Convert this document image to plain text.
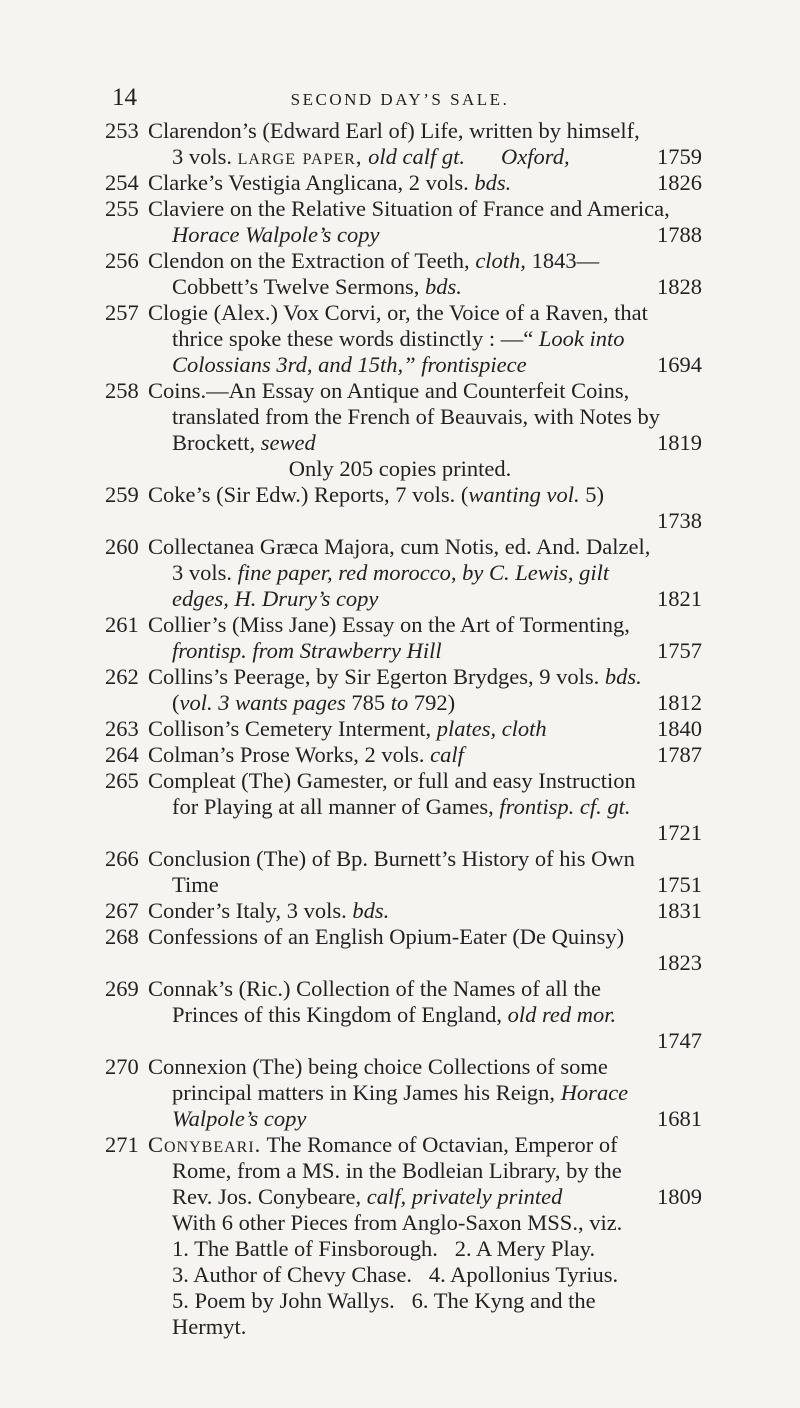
14	SECOND DAY’S SALE.
253 Clarendon’s (Edward Earl of) Life, written by himself,
3 vols. large paper, old calf gt. Oxford,	1759
254 Clarke’s Vestigia Anglicana, 2 vols. bds.	1826
255 Claviere on the Relative Situation of France and America,
Horace Walpole’s copy	1788
256 Clendon on the Extraction of Teeth, cloth, 1843—
Cobbett’s Twelve Sermons, bds.	1828
257 Clogie (Alex.) Vox Corvi, or, the Voice of a Raven, that
thrice spoke these words distinctly : —“ Look into
Colossians 3rd, and 15th,” frontispiece	1694
258 Coins.—An Essay on Antique and Counterfeit Coins,
translated from the French of Beauvais, with Notes by
Brockett, sewed	1819
Only 205 copies printed.
259 Coke’s (Sir Edw.) Reports, 7 vols. (wanting vol. 5)
1738
260 Collectanea Græca Majora, cum Notis, ed. And. Dalzel,
3 vols. fine paper, red morocco, by C. Lewis, gilt
edges, H. Drury’s copy	1821
261 Collier’s (Miss Jane) Essay on the Art of Tormenting,
frontisp. from Strawberry Hill	1757
262 Collins’s Peerage, by Sir Egerton Brydges, 9 vols. bds.
(vol. 3 wants pages 785 to 792)	1812
263 Collison’s Cemetery Interment, plates, cloth	1840
264 Colman’s Prose Works, 2 vols. calf	1787
265 Compleat (The) Gamester, or full and easy Instruction
for Playing at all manner of Games, frontisp. cf. gt.
1721
266 Conclusion (The) of Bp. Burnett’s History of his Own
Time	1751
267 Conder’s Italy, 3 vols. bds.	1831
268 Confessions of an English Opium-Eater (De Quinsy)
1823
269 Connak’s (Ric.) Collection of the Names of all the
Princes of this Kingdom of England, old red mor.
1747
270 Connexion (The) being choice Collections of some
principal matters in King James his Reign, Horace
Walpole’s copy	1681
271 Conybeari. The Romance of Octavian, Emperor of
Rome, from a MS. in the Bodleian Library, by the
Rev. Jos. Conybeare, calf, privately printed	1809
With 6 other Pieces from Anglo-Saxon MSS., viz.
1. The Battle of Finsborough.   2. A Mery Play.
3. Author of Chevy Chase.   4. Apollonius Tyrius.
5. Poem by John Wallys.   6. The Kyng and the
Hermyt.
